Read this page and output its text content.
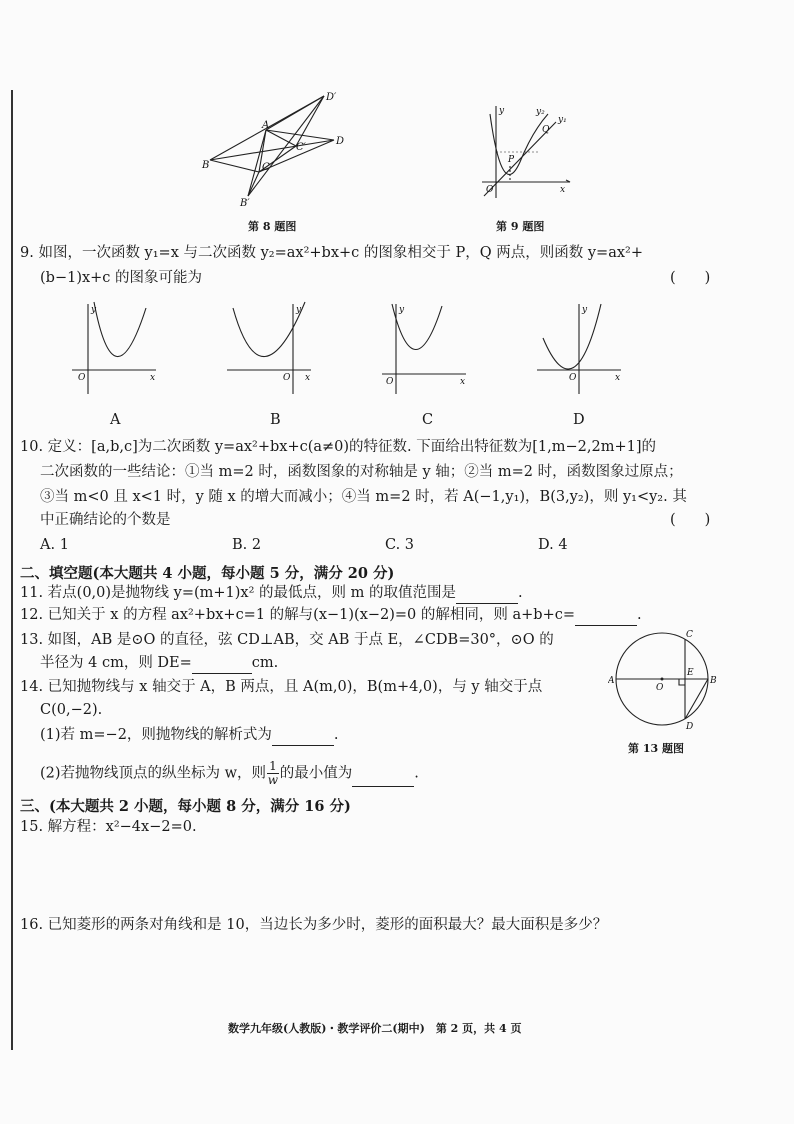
A
B	C
C′
D
D′
B′
第 8 题图
y
x
O
P
Q
y₁
y₂
第 9 题图
9. 如图，一次函数 y₁=x 与二次函数 y₂=ax²+bx+c 的图象相交于 P，Q 两点，则函数 y=ax²+
(b−1)x+c 的图象可能为	(　　)
y
x
O
A
y
x
O
B
y
x
O
C
y
x
O
D
10. 定义：[a,b,c]为二次函数 y=ax²+bx+c(a≠0)的特征数. 下面给出特征数为[1,m−2,2m+1]的
二次函数的一些结论：①当 m=2 时，函数图象的对称轴是 y 轴；②当 m=2 时，函数图象过原点；
③当 m<0 且 x<1 时，y 随 x 的增大而减小；④当 m=2 时，若 A(−1,y₁)，B(3,y₂)，则 y₁<y₂. 其
中正确结论的个数是	(　　)
A. 1	B. 2	C. 3	D. 4
二、填空题(本大题共 4 小题，每小题 5 分，满分 20 分)
11. 若点(0,0)是抛物线 y=(m+1)x² 的最低点，则 m 的取值范围是	.
12. 已知关于 x 的方程 ax²+bx+c=1 的解与(x−1)(x−2)=0 的解相同，则 a+b+c=	.
13. 如图，AB 是⊙O 的直径，弦 CD⊥AB，交 AB 于点 E，∠CDB=30°，⊙O 的
半径为 4 cm，则 DE=	cm.
C
E
A
O
B
D
第 13 题图
14. 已知抛物线与 x 轴交于 A，B 两点，且 A(m,0)，B(m+4,0)，与 y 轴交于点
C(0,−2).
(1)若 m=−2，则抛物线的解析式为	.
(2)若抛物线顶点的纵坐标为 w，则 $\frac{1}{w}$ 的最小值为	.
三、(本大题共 2 小题，每小题 8 分，满分 16 分)
15. 解方程：x²−4x−2=0.
16. 已知菱形的两条对角线和是 10，当边长为多少时，菱形的面积最大？最大面积是多少？
数学九年级(人教版)・教学评价二(期中)　第 2 页，共 4 页
